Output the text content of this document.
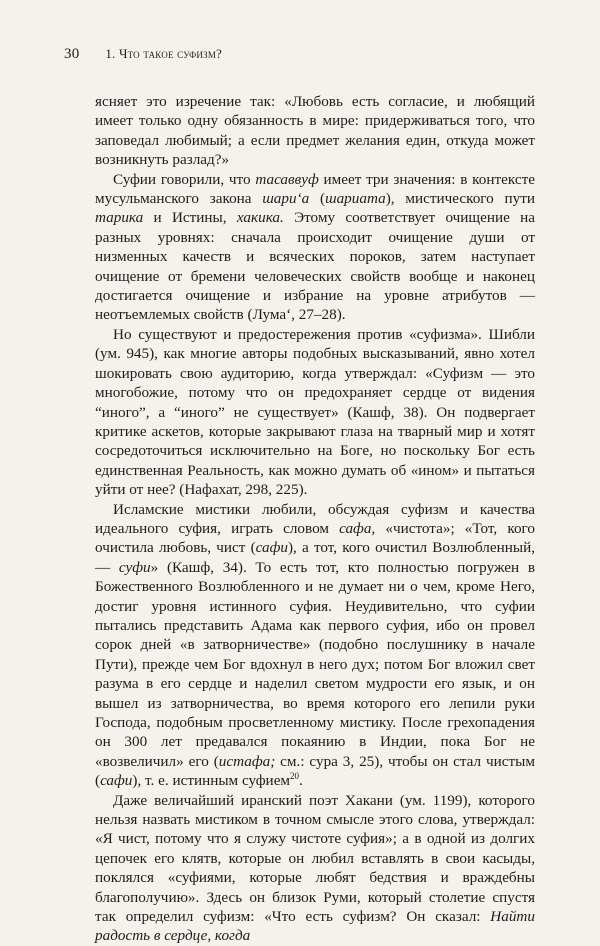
30 1. Что такое суфизм?

ясняет это изречение так: «Любовь есть согласие, и любящий имеет только одну обязанность в мире: придерживаться того, что заповедал любимый; а если предмет желания един, откуда может возникнуть разлад?»

Суфии говорили, что тасаввуф имеет три значения: в контексте мусульманского закона шари‘а (шариата), мистического пути тарика и Истины, хакика. Этому соответствует очищение на разных уровнях: сначала происходит очищение души от низменных качеств и всяческих пороков, затем наступает очищение от бремени человеческих свойств вообще и наконец достигается очищение и избрание на уровне атрибутов — неотъемлемых свойств (Лума‘, 27–28).

Но существуют и предостережения против «суфизма». Шибли (ум. 945), как многие авторы подобных высказываний, явно хотел шокировать свою аудиторию, когда утверждал: «Суфизм — это многобожие, потому что он предохраняет сердце от видения “иного”, а “иного” не существует» (Кашф, 38). Он подвергает критике аскетов, которые закрывают глаза на тварный мир и хотят сосредоточиться исключительно на Боге, но поскольку Бог есть единственная Реальность, как можно думать об «ином» и пытаться уйти от нее? (Нафахат, 298, 225).

Исламские мистики любили, обсуждая суфизм и качества идеального суфия, играть словом сафа, «чистота»; «Тот, кого очистила любовь, чист (сафи), а тот, кого очистил Возлюбленный, — суфи» (Кашф, 34). То есть тот, кто полностью погружен в Божественного Возлюбленного и не думает ни о чем, кроме Него, достиг уровня истинного суфия. Неудивительно, что суфии пытались представить Адама как первого суфия, ибо он провел сорок дней «в затворничестве» (подобно послушнику в начале Пути), прежде чем Бог вдохнул в него дух; потом Бог вложил свет разума в его сердце и наделил светом мудрости его язык, и он вышел из затворничества, во время которого его лепили руки Господа, подобным просветленному мистику. После грехопадения он 300 лет предавался покаянию в Индии, пока Бог не «возвеличил» его (истафа; см.: сура 3, 25), чтобы он стал чистым (сафи), т. е. истинным суфием$^{20}$.

Даже величайший иранский поэт Хакани (ум. 1199), которого нельзя назвать мистиком в точном смысле этого слова, утверждал: «Я чист, потому что я служу чистоте суфия»; а в одной из долгих цепочек его клятв, которые он любил вставлять в свои касыды, поклялся «суфиями, которые любят бедствия и враждебны благополучию». Здесь он близок Руми, который столетие спустя так определил суфизм: «Что есть суфизм? Он сказал: Найти радость в сердце, когда
